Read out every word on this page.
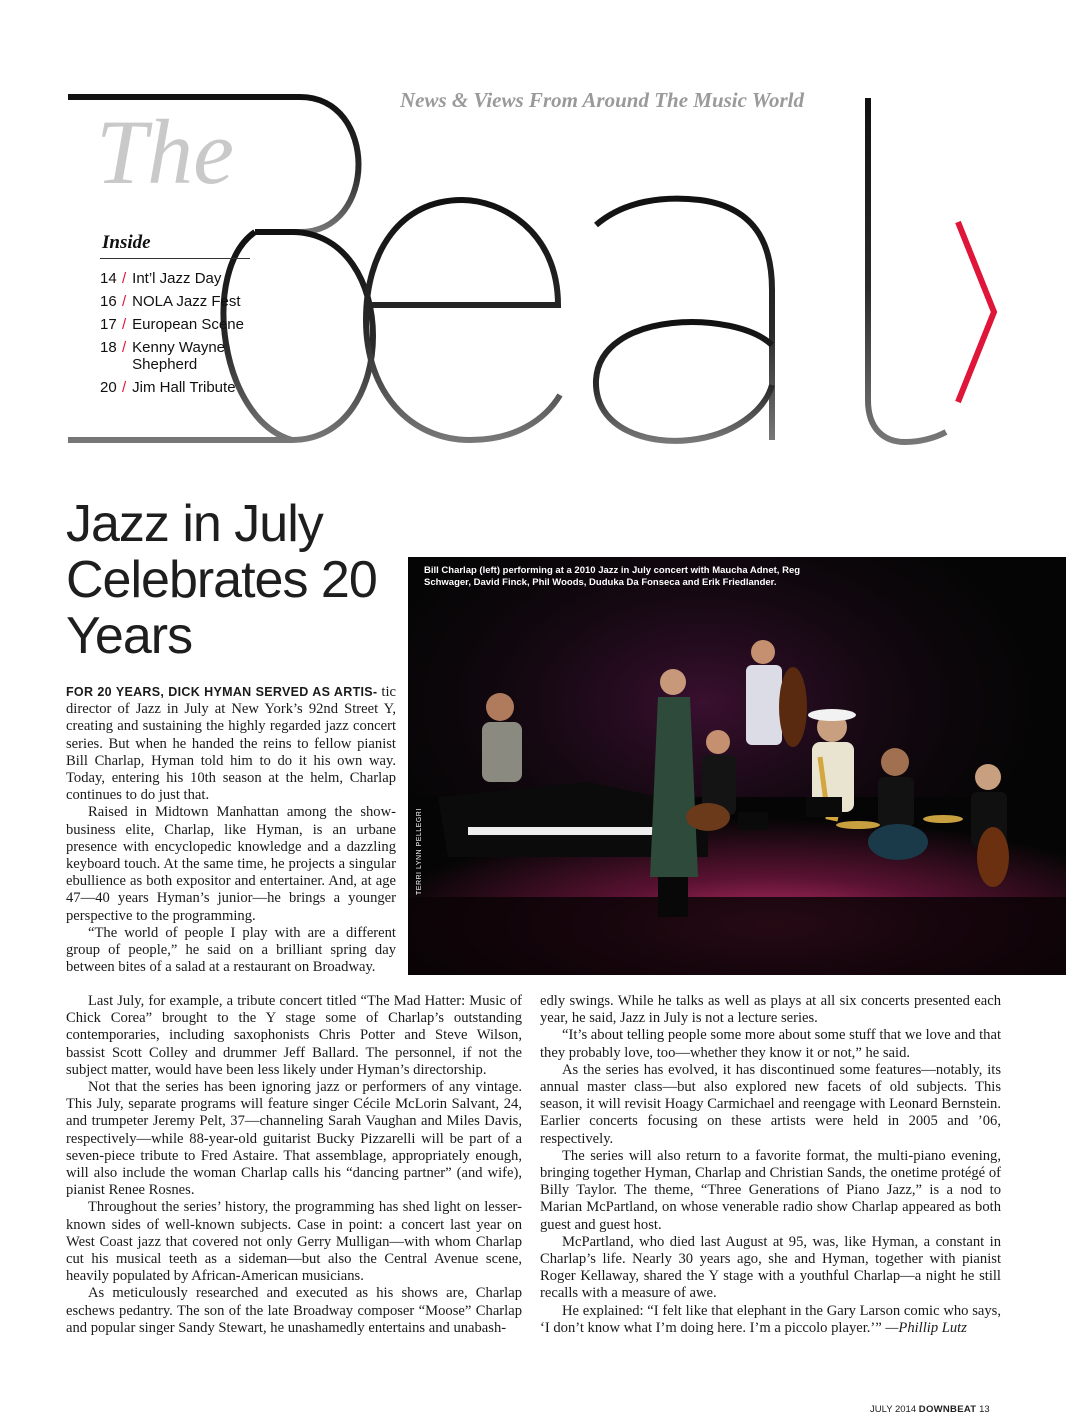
News & Views From Around The Music World
The
Inside
14 / Int’l Jazz Day
16 / NOLA Jazz Fest
17 / European Scene
18 / Kenny Wayne Shepherd
20 / Jim Hall Tribute
Jazz in July Celebrates 20 Years
Bill Charlap (left) performing at a 2010 Jazz in July concert with Maucha Adnet, Reg Schwager, David Finck, Phil Woods, Duduka Da Fonseca and Erik Friedlander.
TERRI LYNN PELLEGRI

FOR 20 YEARS, DICK HYMAN SERVED AS ARTIS- tic director of Jazz in July at New York’s 92nd Street Y, creating and sustaining the highly regarded jazz concert series. But when he handed the reins to fellow pianist Bill Charlap, Hyman told him to do it his own way. Today, entering his 10th season at the helm, Charlap continues to do just that.

Raised in Midtown Manhattan among the show-business elite, Charlap, like Hyman, is an urbane presence with encyclopedic knowledge and a dazzling keyboard touch. At the same time, he projects a singular ebullience as both expositor and entertainer. And, at age 47—40 years Hyman’s junior—he brings a younger perspective to the programming.

“The world of people I play with are a different group of people,” he said on a brilliant spring day between bites of a salad at a restaurant on Broadway.

Last July, for example, a tribute concert titled “The Mad Hatter: Music of Chick Corea” brought to the Y stage some of Charlap’s outstanding contemporaries, including saxophonists Chris Potter and Steve Wilson, bassist Scott Colley and drummer Jeff Ballard. The personnel, if not the subject matter, would have been less likely under Hyman’s directorship.

Not that the series has been ignoring jazz or performers of any vintage. This July, separate programs will feature singer Cécile McLorin Salvant, 24, and trumpeter Jeremy Pelt, 37—channeling Sarah Vaughan and Miles Davis, respectively—while 88-year-old guitarist Bucky Pizzarelli will be part of a seven-piece tribute to Fred Astaire. That assemblage, appropriately enough, will also include the woman Charlap calls his “dancing partner” (and wife), pianist Renee Rosnes.

Throughout the series’ history, the programming has shed light on lesser-known sides of well-known subjects. Case in point: a concert last year on West Coast jazz that covered not only Gerry Mulligan—with whom Charlap cut his musical teeth as a sideman—but also the Central Avenue scene, heavily populated by African-American musicians.

As meticulously researched and executed as his shows are, Charlap eschews pedantry. The son of the late Broadway composer “Moose” Charlap and popular singer Sandy Stewart, he unashamedly entertains and unabash-

edly swings. While he talks as well as plays at all six concerts presented each year, he said, Jazz in July is not a lecture series.

“It’s about telling people some more about some stuff that we love and that they probably love, too—whether they know it or not,” he said.

As the series has evolved, it has discontinued some features—notably, its annual master class—but also explored new facets of old subjects. This season, it will revisit Hoagy Carmichael and reengage with Leonard Bernstein. Earlier concerts focusing on these artists were held in 2005 and ’06, respectively.

The series will also return to a favorite format, the multi-piano evening, bringing together Hyman, Charlap and Christian Sands, the onetime protégé of Billy Taylor. The theme, “Three Generations of Piano Jazz,” is a nod to Marian McPartland, on whose venerable radio show Charlap appeared as both guest and guest host.

McPartland, who died last August at 95, was, like Hyman, a constant in Charlap’s life. Nearly 30 years ago, she and Hyman, together with pianist Roger Kellaway, shared the Y stage with a youthful Charlap—a night he still recalls with a measure of awe.

He explained: “I felt like that elephant in the Gary Larson comic who says, ‘I don’t know what I’m doing here. I’m a piccolo player.’” —Phillip Lutz

JULY 2014 DOWNBEAT 13
